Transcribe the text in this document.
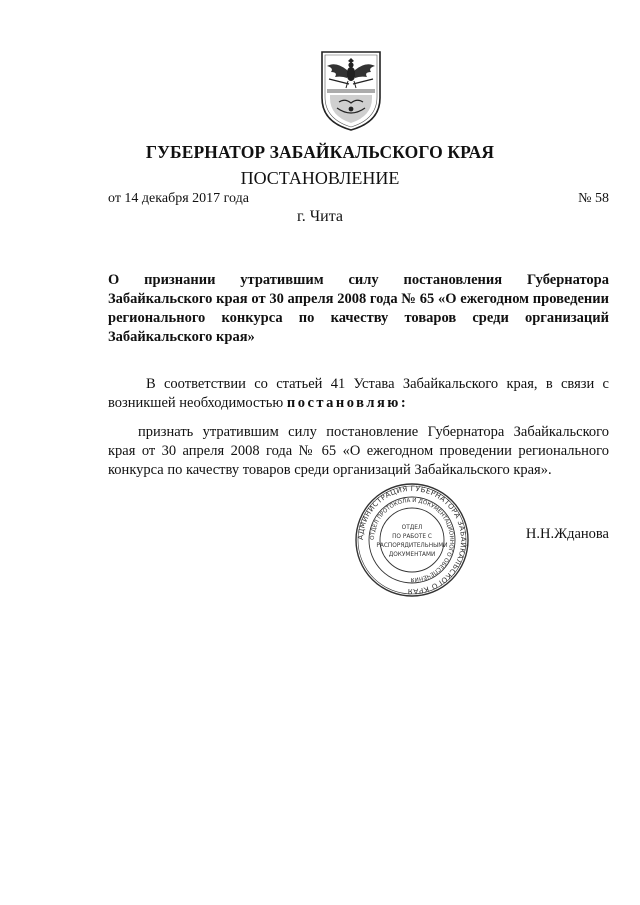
ГУБЕРНАТОР ЗАБАЙКАЛЬСКОГО КРАЯ
ПОСТАНОВЛЕНИЕ
от 14 декабря 2017 года	№ 58
г. Чита
О признании утратившим силу постановления Губернатора Забайкальского края от 30 апреля 2008 года № 65 «О ежегодном проведении регионального конкурса по качеству товаров среди организаций Забайкальского края»
В соответствии со статьей 41 Устава Забайкальского края, в связи с возникшей необходимостью постановляю:
признать утратившим силу постановление Губернатора Забайкальского края от 30 апреля 2008 года № 65 «О ежегодном проведении регионального конкурса по качеству товаров среди организаций Забайкальского края».
АДМИНИСТРАЦИЯ ГУБЕРНАТОРА ЗАБАЙКАЛЬСКОГО КРАЯ
ОТДЕЛ ПРОТОКОЛА И ДОКУМЕНТАЦИОННОГО ОБЕСПЕЧЕНИЯ
ОТДЕЛ
ПО РАБОТЕ С
РАСПОРЯДИТЕЛЬНЫМИ
ДОКУМЕНТАМИ
Н.Н.Жданова
